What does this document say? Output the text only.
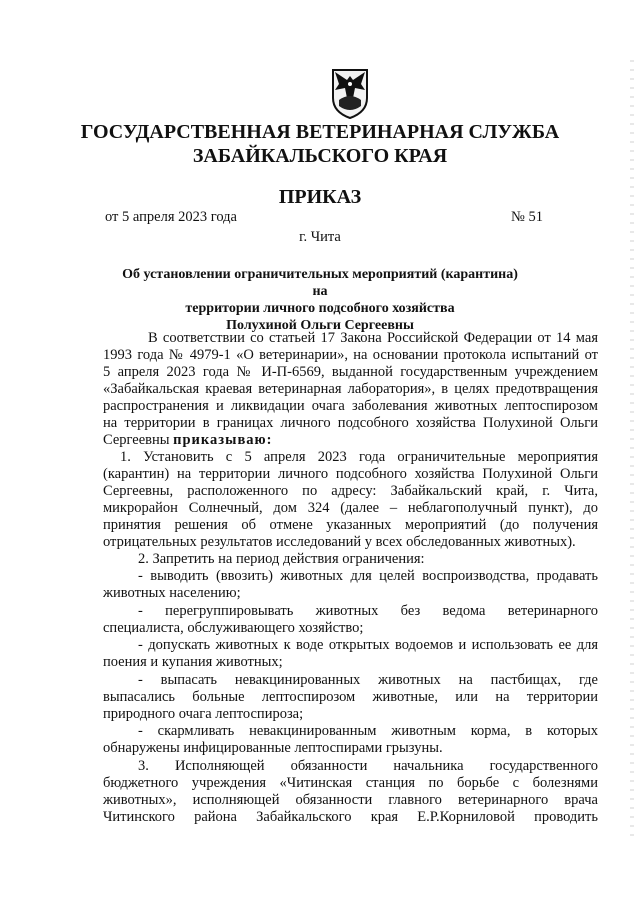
ГОСУДАРСТВЕННАЯ ВЕТЕРИНАРНАЯ СЛУЖБА
ЗАБАЙКАЛЬСКОГО КРАЯ
ПРИКАЗ
от 5 апреля 2023 года	№ 51
г. Чита
Об установлении ограничительных мероприятий (карантина) на
территории личного подсобного хозяйства
Полухиной Ольги Сергеевны
В соответствии со статьей 17 Закона Российской Федерации от 14 мая
1993 года № 4979-1 «О ветеринарии», на основании протокола испытаний от
5 апреля 2023 года № И-П-6569, выданной государственным учреждением
«Забайкальская краевая ветеринарная лаборатория», в целях предотвращения
распространения и ликвидации очага заболевания животных лептоспирозом
на территории в границах личного подсобного хозяйства Полухиной Ольги
Сергеевны приказываю:
1. Установить с 5 апреля 2023 года ограничительные мероприятия
(карантин) на территории личного подсобного хозяйства Полухиной Ольги
Сергеевны, расположенного по адресу: Забайкальский край, г. Чита,
микрорайон Солнечный, дом 324 (далее – неблагополучный пункт), до
принятия решения об отмене указанных мероприятий (до получения
отрицательных результатов исследований у всех обследованных животных).
2. Запретить на период действия ограничения:
- выводить (ввозить) животных для целей воспроизводства, продавать
животных населению;
- перегруппировывать животных без ведома ветеринарного
специалиста, обслуживающего хозяйство;
- допускать животных к воде открытых водоемов и использовать ее для
поения и купания животных;
- выпасать невакцинированных животных на пастбищах, где
выпасались больные лептоспирозом животные, или на территории
природного очага лептоспироза;
- скармливать невакцинированным животным корма, в которых
обнаружены инфицированные лептоспирами грызуны.
3. Исполняющей обязанности начальника государственного
бюджетного учреждения «Читинская станция по борьбе с болезнями
животных», исполняющей обязанности главного ветеринарного врача
Читинского района Забайкальского края Е.Р.Корниловой проводить
